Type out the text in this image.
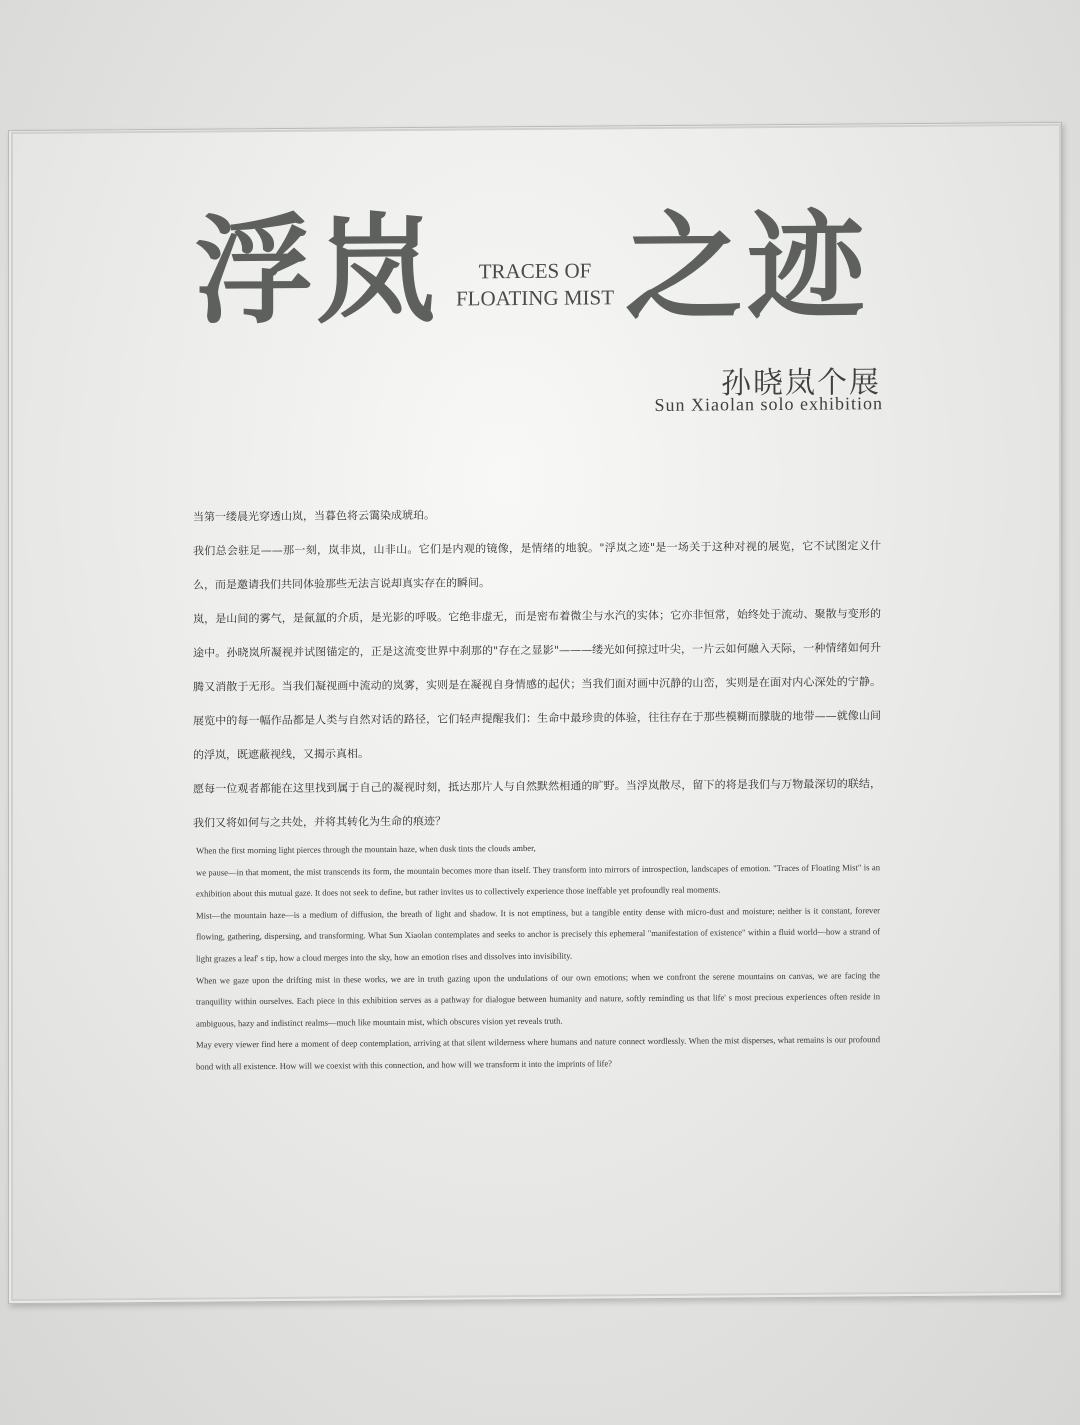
浮岚	TRACES OF
FLOATING MIST 之迹
孙晓岚个展
Sun Xiaolan solo exhibition

当第一缕晨光穿透山岚，当暮色将云霭染成琥珀。

我们总会驻足——那一刻，岚非岚，山非山。它们是内观的镜像，是情绪的地貌。"浮岚之迹"是一场关于这种对视的展览，它不试图定义什么，而是邀请我们共同体验那些无法言说却真实存在的瞬间。

岚，是山间的雾气，是氤氲的介质，是光影的呼吸。它绝非虚无，而是密布着微尘与水汽的实体；它亦非恒常，始终处于流动、聚散与变形的途中。孙晓岚所凝视并试图锚定的，正是这流变世界中刹那的"存在之显影"———缕光如何掠过叶尖，一片云如何融入天际，一种情绪如何升腾又消散于无形。当我们凝视画中流动的岚雾，实则是在凝视自身情感的起伏；当我们面对画中沉静的山峦，实则是在面对内心深处的宁静。展览中的每一幅作品都是人类与自然对话的路径，它们轻声提醒我们：生命中最珍贵的体验，往往存在于那些模糊而朦胧的地带——就像山间的浮岚，既遮蔽视线，又揭示真相。

愿每一位观者都能在这里找到属于自己的凝视时刻，抵达那片人与自然默然相通的旷野。当浮岚散尽，留下的将是我们与万物最深切的联结，我们又将如何与之共处，并将其转化为生命的痕迹？

When the first morning light pierces through the mountain haze, when dusk tints the clouds amber,

we pause—in that moment, the mist transcends its form, the mountain becomes more than itself. They transform into mirrors of introspection, landscapes of emotion. "Traces of Floating Mist" is an exhibition about this mutual gaze. It does not seek to define, but rather invites us to collectively experience those ineffable yet profoundly real moments.

Mist—the mountain haze—is a medium of diffusion, the breath of light and shadow. It is not emptiness, but a tangible entity dense with micro-dust and moisture; neither is it constant, forever flowing, gathering, dispersing, and transforming. What Sun Xiaolan contemplates and seeks to anchor is precisely this ephemeral "manifestation of existence" within a fluid world—how a strand of light grazes a leaf' s tip, how a cloud merges into the sky, how an emotion rises and dissolves into invisibility.

When we gaze upon the drifting mist in these works, we are in truth gazing upon the undulations of our own emotions; when we confront the serene mountains on canvas, we are facing the tranquility within ourselves. Each piece in this exhibition serves as a pathway for dialogue between humanity and nature, softly reminding us that life' s most precious experiences often reside in ambiguous, hazy and indistinct realms—much like mountain mist, which obscures vision yet reveals truth.

May every viewer find here a moment of deep contemplation, arriving at that silent wilderness where humans and nature connect wordlessly. When the mist disperses, what remains is our profound bond with all existence. How will we coexist with this connection, and how will we transform it into the imprints of life?
